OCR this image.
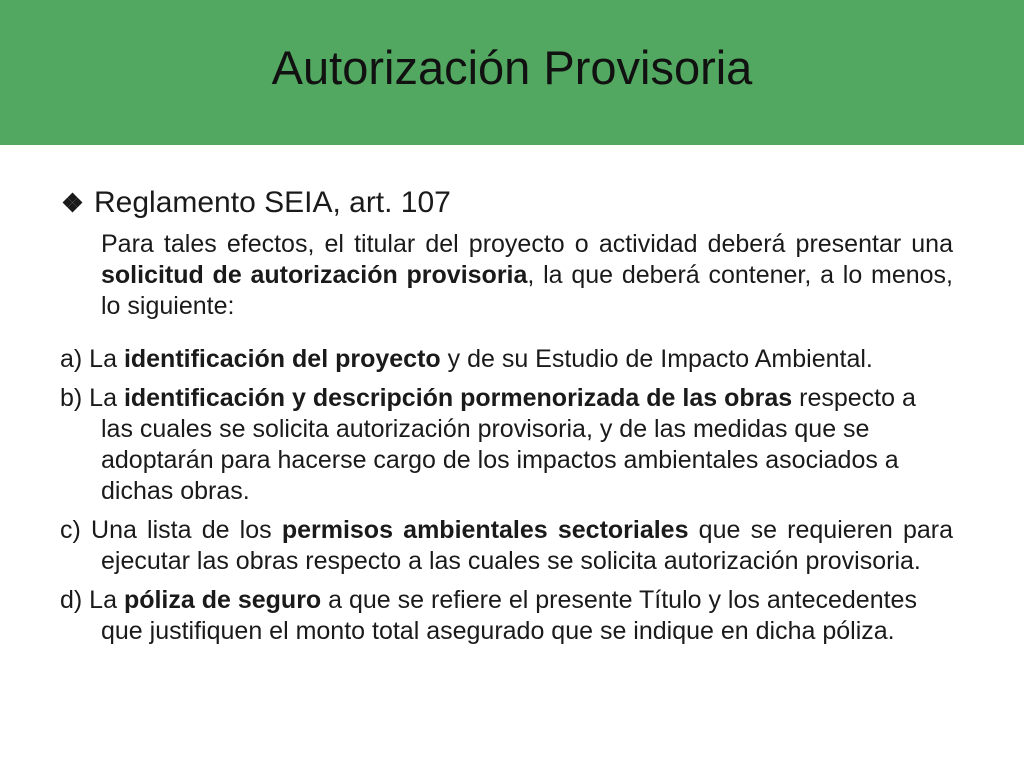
Autorización Provisoria

Reglamento SEIA, art. 107

Para tales efectos, el titular del proyecto o actividad deberá presentar una solicitud de autorización provisoria, la que deberá contener, a lo menos, lo siguiente:

a) La identificación del proyecto y de su Estudio de Impacto Ambiental.

b) La identificación y descripción pormenorizada de las obras respecto a las cuales se solicita autorización provisoria, y de las medidas que se adoptarán para hacerse cargo de los impactos ambientales asociados a dichas obras.

c) Una lista de los permisos ambientales sectoriales que se requieren para ejecutar las obras respecto a las cuales se solicita autorización provisoria.

d) La póliza de seguro a que se refiere el presente Título y los antecedentes que justifiquen el monto total asegurado que se indique en dicha póliza.
